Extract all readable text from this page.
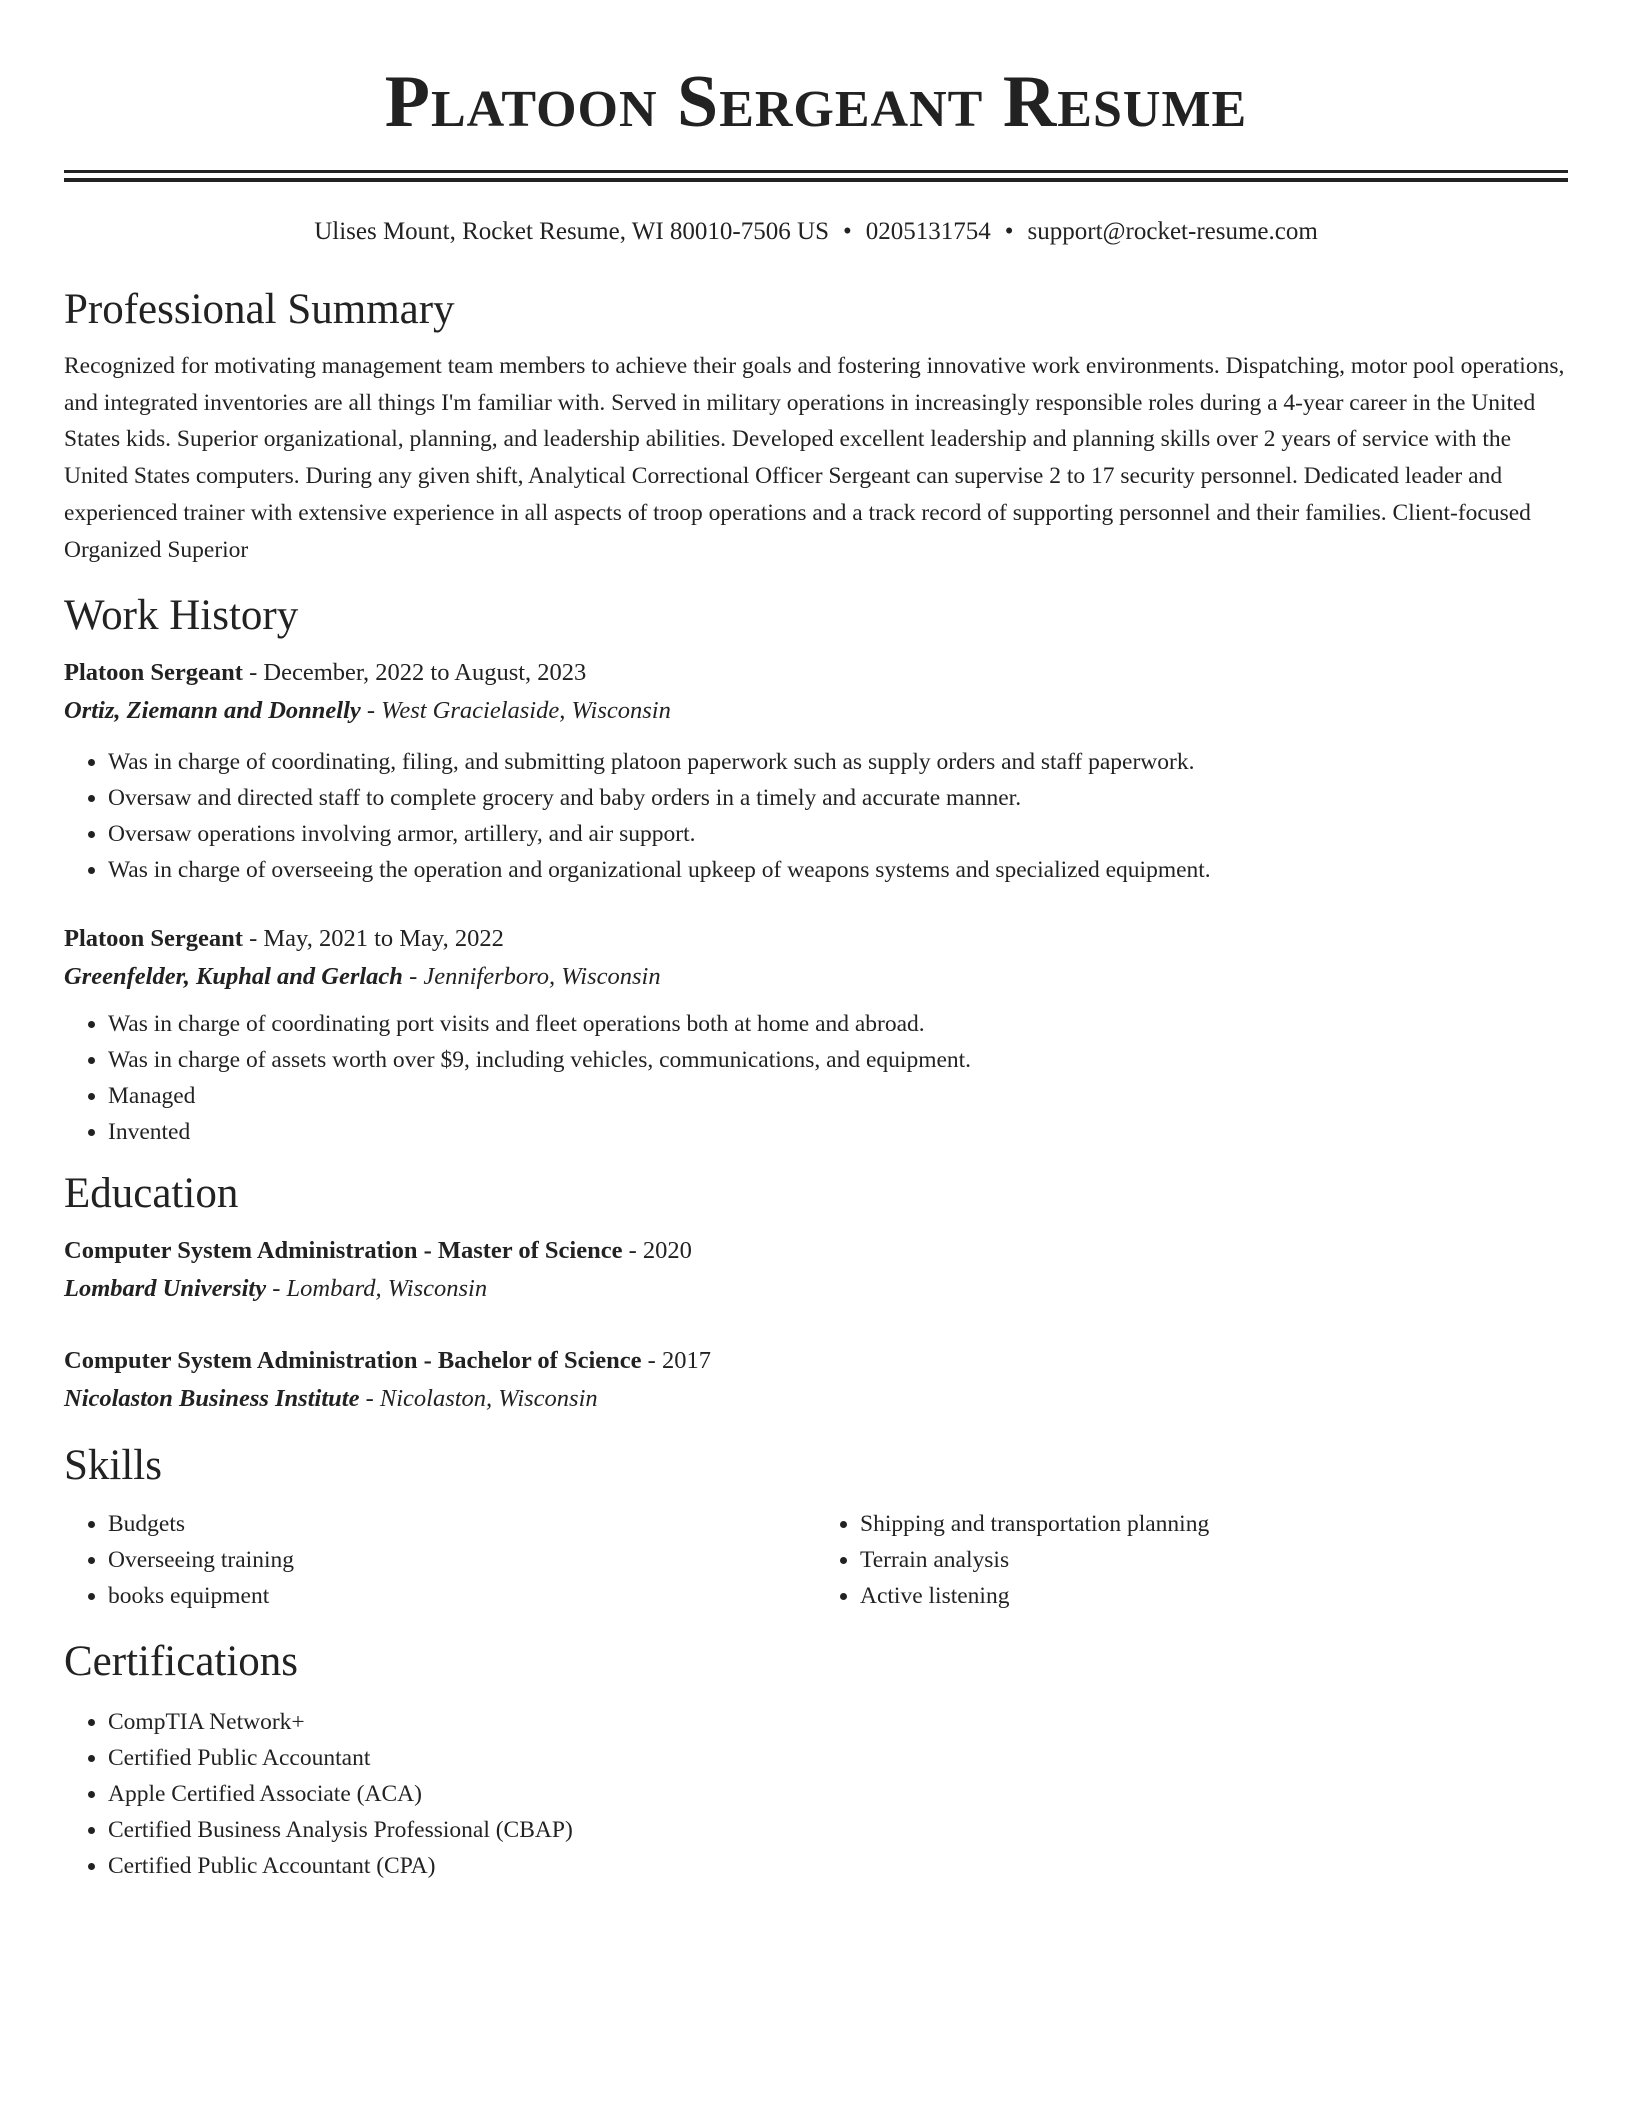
Platoon Sergeant Resume
Ulises Mount, Rocket Resume, WI 80010-7506 US • 0205131754 • support@rocket-resume.com
Professional Summary

Recognized for motivating management team members to achieve their goals and fostering innovative work environments. Dispatching, motor pool operations, and integrated inventories are all things I'm familiar with. Served in military operations in increasingly responsible roles during a 4-year career in the United States kids. Superior organizational, planning, and leadership abilities. Developed excellent leadership and planning skills over 2 years of service with the United States computers. During any given shift, Analytical Correctional Officer Sergeant can supervise 2 to 17 security personnel. Dedicated leader and experienced trainer with extensive experience in all aspects of troop operations and a track record of supporting personnel and their families. Client-focused Organized Superior

Work History
Platoon Sergeant - December, 2022 to August, 2023
Ortiz, Ziemann and Donnelly - West Gracielaside, Wisconsin
• Was in charge of coordinating, filing, and submitting platoon paperwork such as supply orders and staff paperwork.
• Oversaw and directed staff to complete grocery and baby orders in a timely and accurate manner.
• Oversaw operations involving armor, artillery, and air support.
• Was in charge of overseeing the operation and organizational upkeep of weapons systems and specialized equipment.
Platoon Sergeant - May, 2021 to May, 2022
Greenfelder, Kuphal and Gerlach - Jenniferboro, Wisconsin
• Was in charge of coordinating port visits and fleet operations both at home and abroad.
• Was in charge of assets worth over $9, including vehicles, communications, and equipment.
• Managed
• Invented
Education
Computer System Administration - Master of Science - 2020
Lombard University - Lombard, Wisconsin
Computer System Administration - Bachelor of Science - 2017
Nicolaston Business Institute - Nicolaston, Wisconsin
Skills
• Budgets
• Overseeing training
• books equipment
• Shipping and transportation planning
• Terrain analysis
• Active listening
Certifications
• CompTIA Network+
• Certified Public Accountant
• Apple Certified Associate (ACA)
• Certified Business Analysis Professional (CBAP)
• Certified Public Accountant (CPA)
